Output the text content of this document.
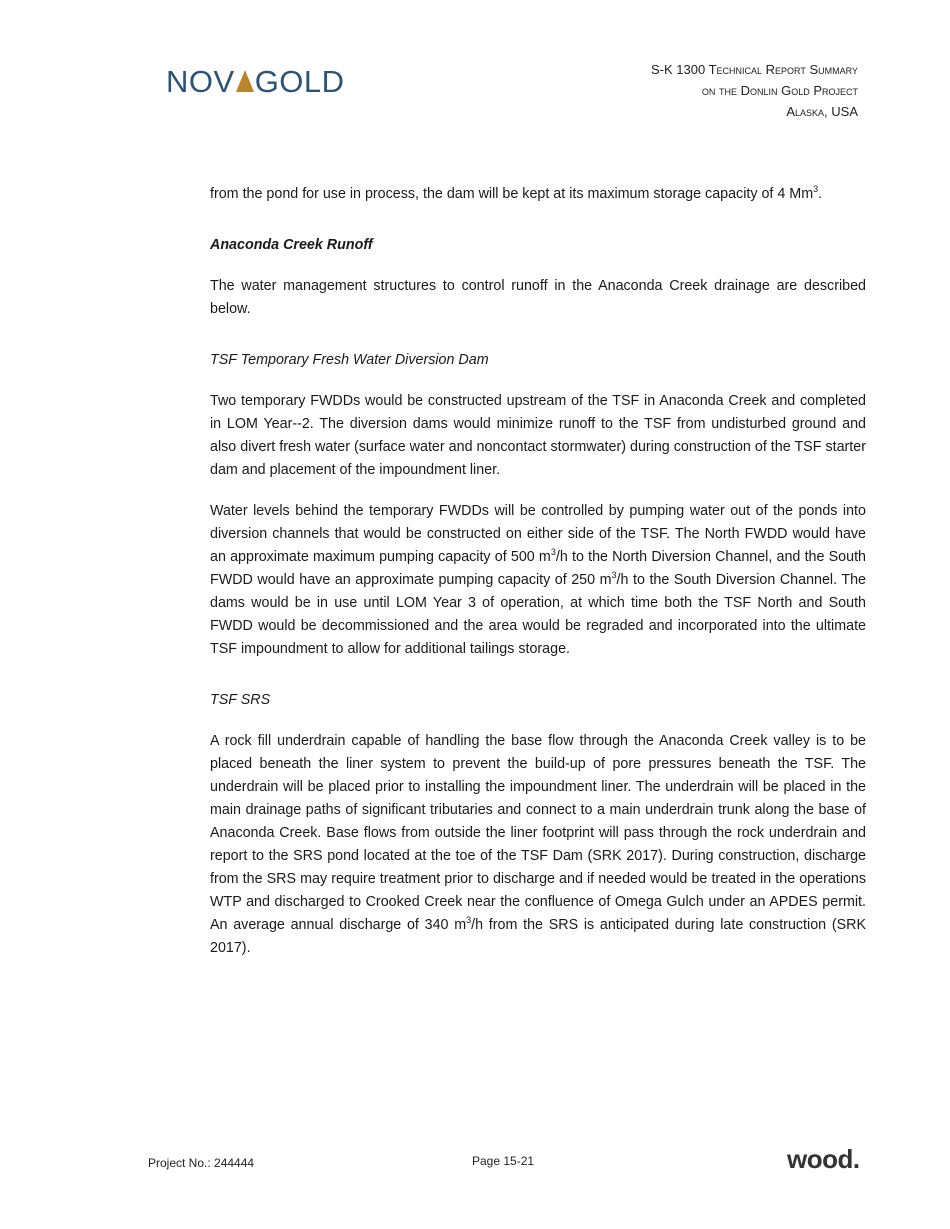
NOV GOLD	S-K 1300 Technical Report Summary
on the Donlin Gold Project
Alaska, USA

from the pond for use in process, the dam will be kept at its maximum storage capacity of 4 Mm$^3$.

Anaconda Creek Runoff

The water management structures to control runoff in the Anaconda Creek drainage are described below.

TSF Temporary Fresh Water Diversion Dam

Two temporary FWDDs would be constructed upstream of the TSF in Anaconda Creek and completed in LOM Year‑-2. The diversion dams would minimize runoff to the TSF from undisturbed ground and also divert fresh water (surface water and noncontact stormwater) during construction of the TSF starter dam and placement of the impoundment liner.

Water levels behind the temporary FWDDs will be controlled by pumping water out of the ponds into diversion channels that would be constructed on either side of the TSF. The North FWDD would have an approximate maximum pumping capacity of 500 $m^3/h$ to the North Diversion Channel, and the South FWDD would have an approximate pumping capacity of 250 $m^3/h$ to the South Diversion Channel. The dams would be in use until LOM Year 3 of operation, at which time both the TSF North and South FWDD would be decommissioned and the area would be regraded and incorporated into the ultimate TSF impoundment to allow for additional tailings storage.

TSF SRS

A rock fill underdrain capable of handling the base flow through the Anaconda Creek valley is to be placed beneath the liner system to prevent the build-up of pore pressures beneath the TSF. The underdrain will be placed prior to installing the impoundment liner. The underdrain will be placed in the main drainage paths of significant tributaries and connect to a main underdrain trunk along the base of Anaconda Creek. Base flows from outside the liner footprint will pass through the rock underdrain and report to the SRS pond located at the toe of the TSF Dam (SRK 2017). During construction, discharge from the SRS may require treatment prior to discharge and if needed would be treated in the operations WTP and discharged to Crooked Creek near the confluence of Omega Gulch under an APDES permit. An average annual discharge of 340 $m^3/h$ from the SRS is anticipated during late construction (SRK 2017).

Project No.: 244444	Page 15-21	wood.
